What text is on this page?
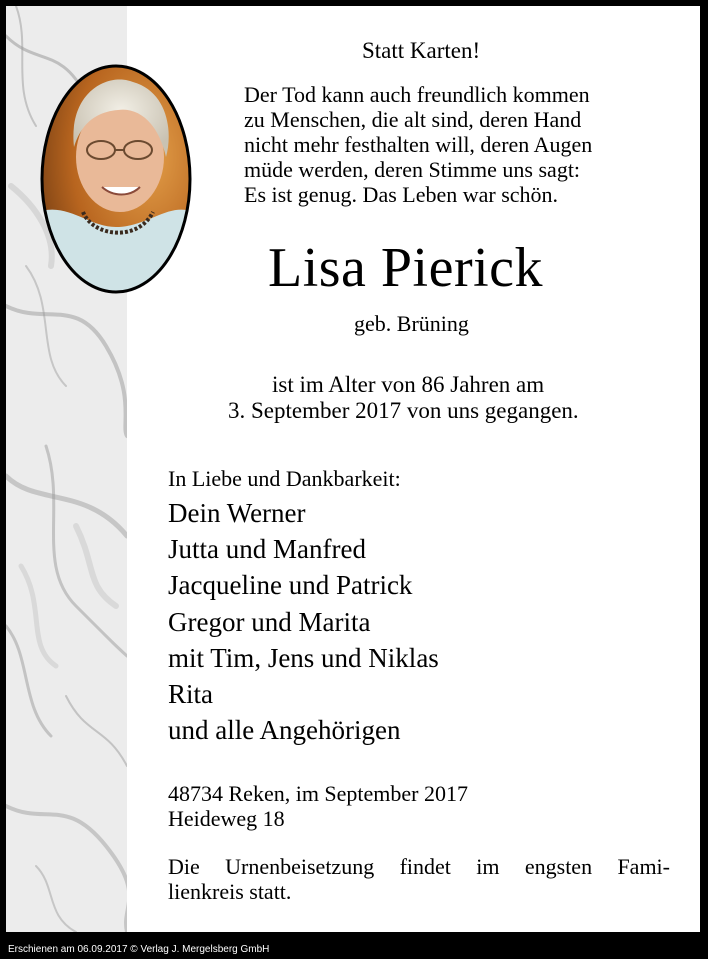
Statt Karten!
Der Tod kann auch freundlich kommen
zu Menschen, die alt sind, deren Hand
nicht mehr festhalten will, deren Augen
müde werden, deren Stimme uns sagt:
Es ist genug. Das Leben war schön.
Lisa Pierick
geb. Brüning
ist im Alter von 86 Jahren am
3. September 2017 von uns gegangen.
In Liebe und Dankbarkeit:
Dein Werner
Jutta und Manfred
Jacqueline und Patrick
Gregor und Marita
mit Tim, Jens und Niklas
Rita
und alle Angehörigen
48734 Reken, im September 2017
Heideweg 18
Die Urnenbeisetzung findet im engsten Fami-
lienkreis statt.
Erschienen am 06.09.2017 © Verlag J. Mergelsberg GmbH
